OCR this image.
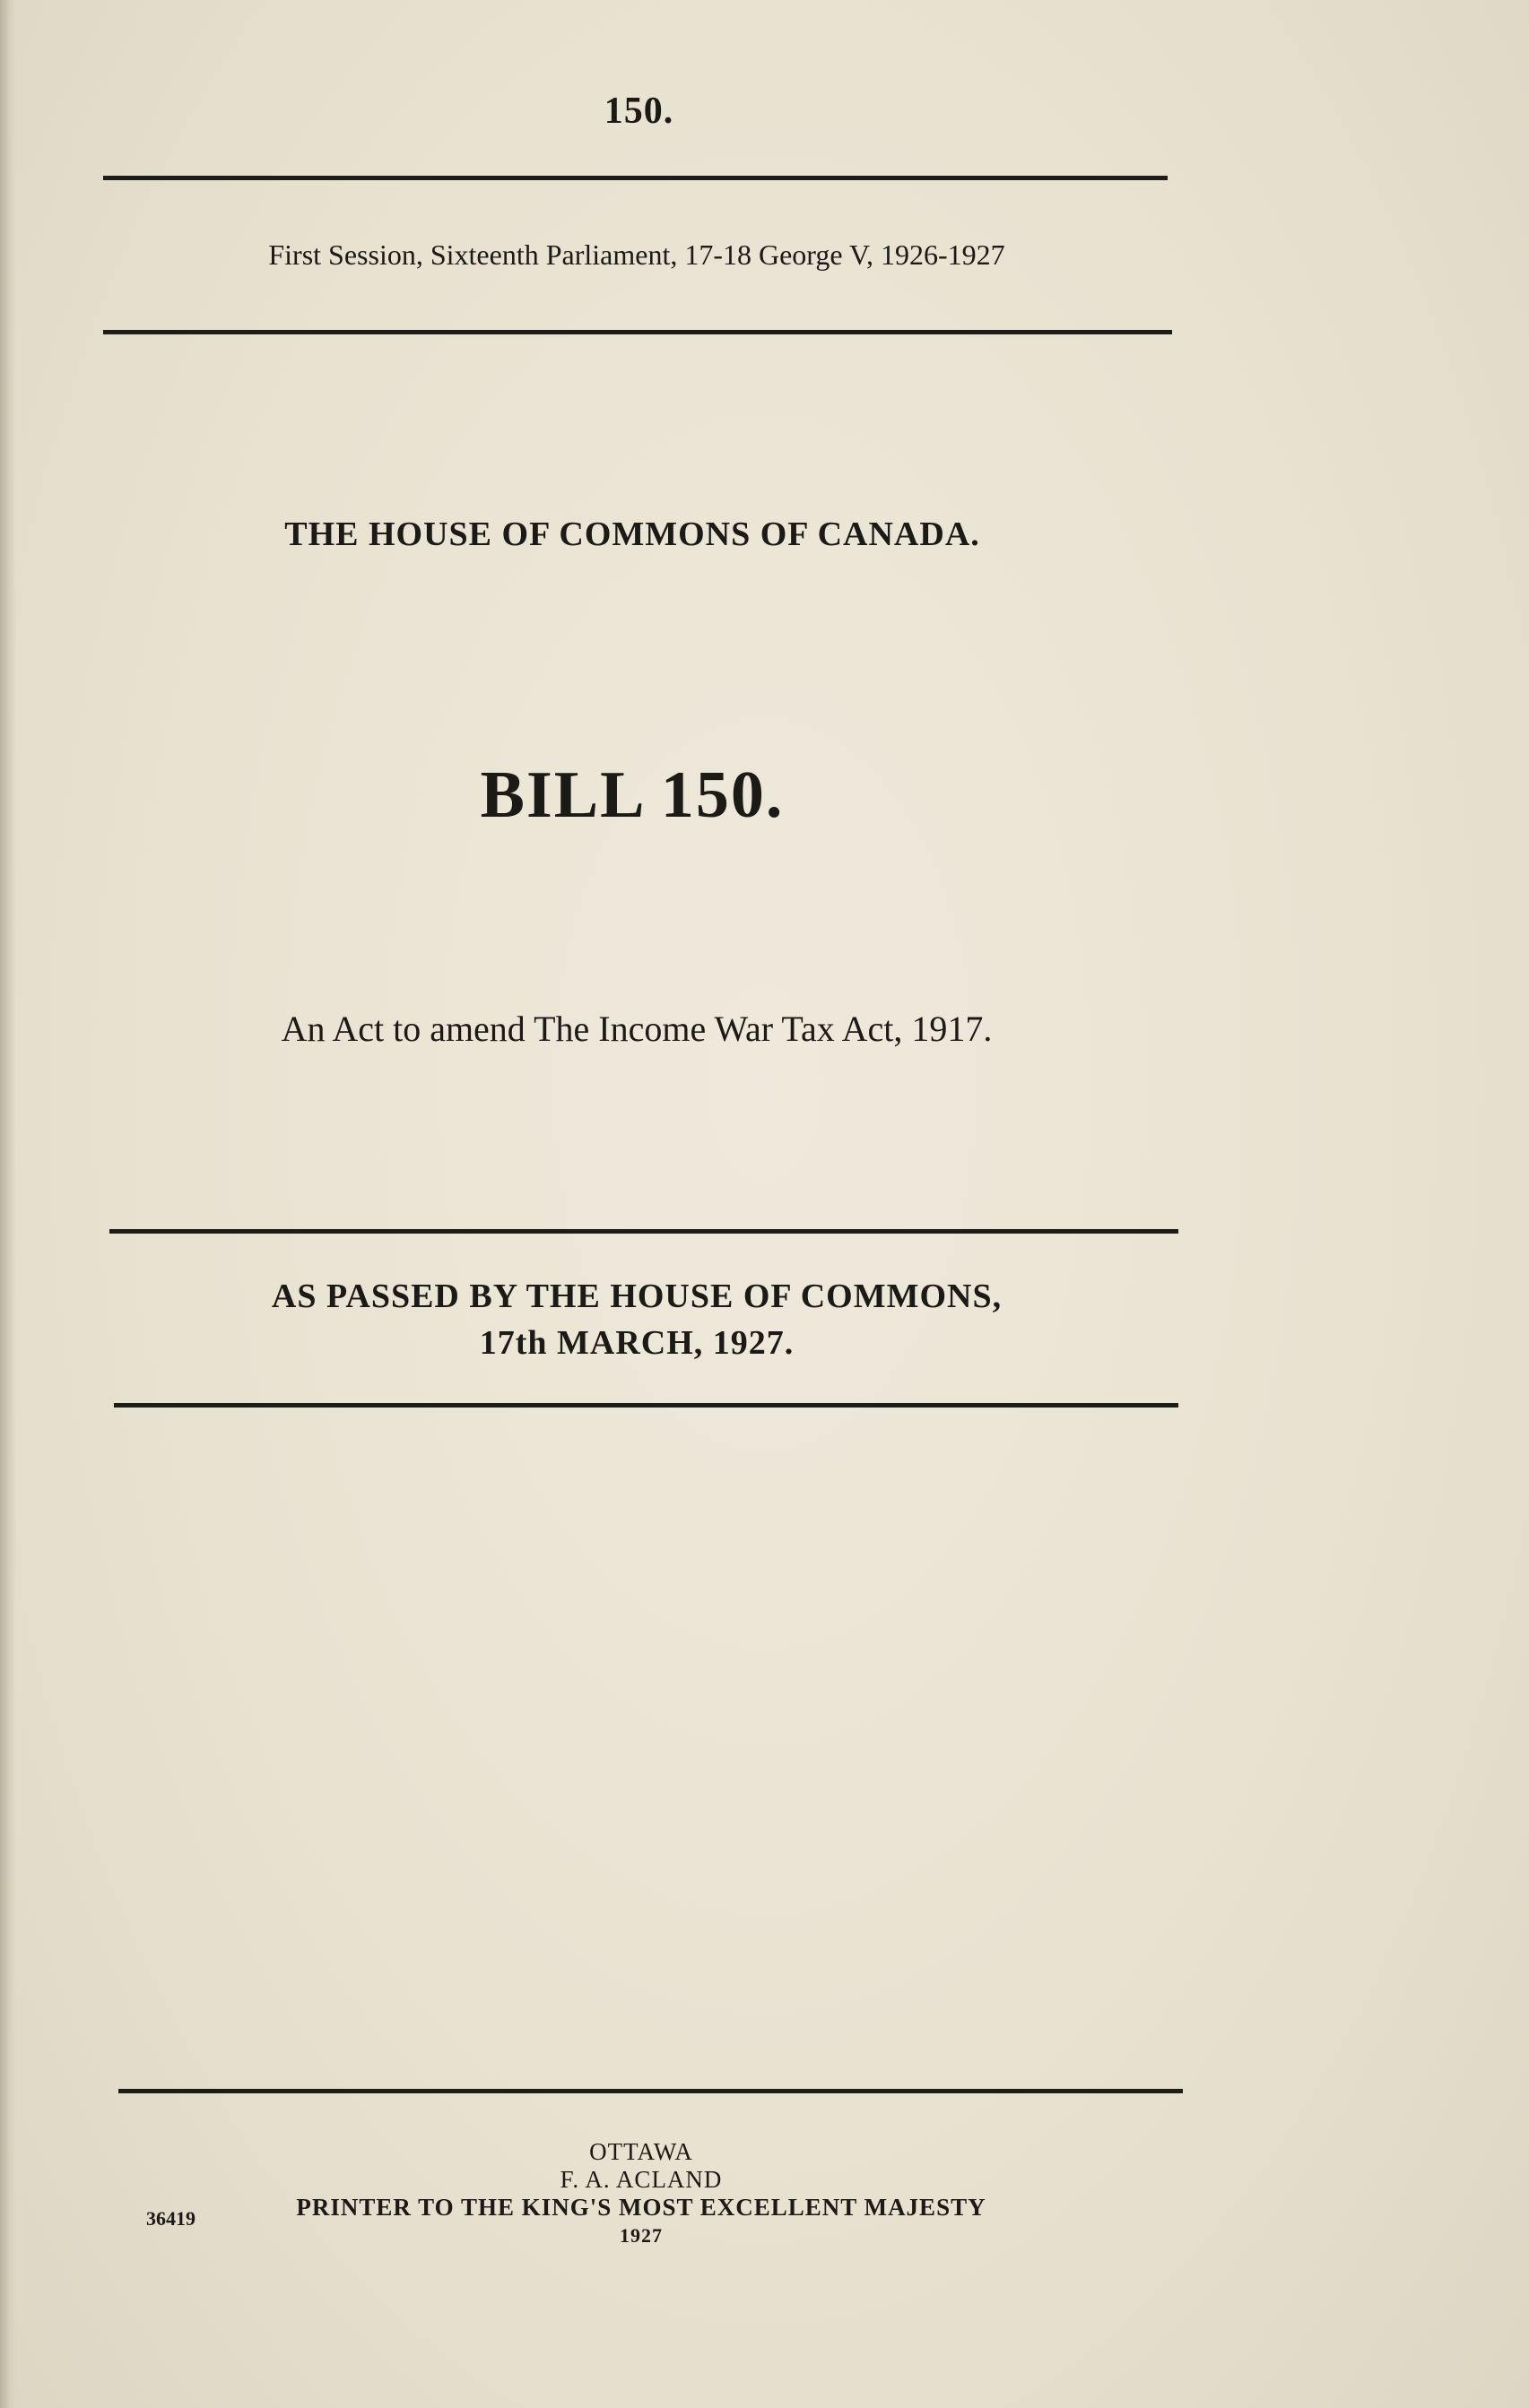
150.
First Session, Sixteenth Parliament, 17-18 George V, 1926-1927
THE HOUSE OF COMMONS OF CANADA.
BILL 150.
An Act to amend The Income War Tax Act, 1917.
AS PASSED BY THE HOUSE OF COMMONS,
17th MARCH, 1927.
OTTAWA
F. A. ACLAND
PRINTER TO THE KING'S MOST EXCELLENT MAJESTY
1927
36419
